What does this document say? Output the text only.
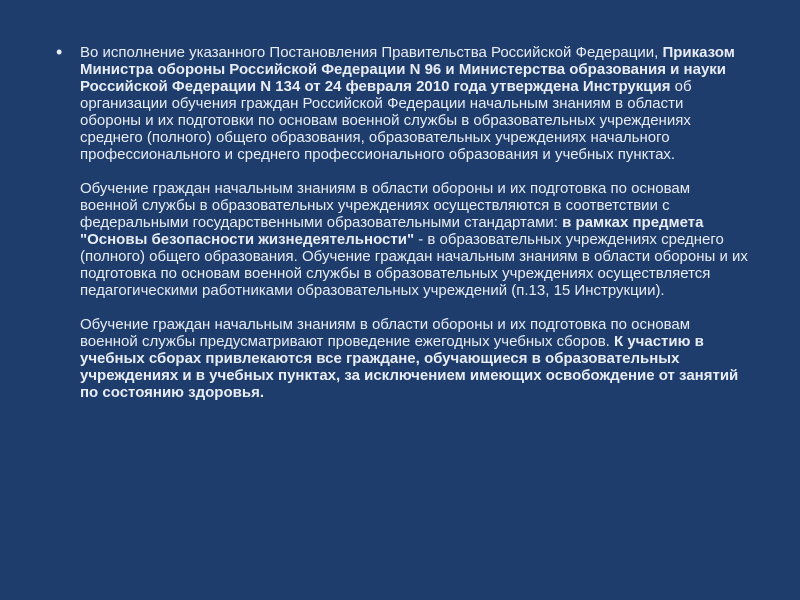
• Во исполнение указанного Постановления Правительства Российской Федерации, Приказом Министра обороны Российской Федерации N 96 и Министерства образования и науки Российской Федерации N 134 от 24 февраля 2010 года утверждена Инструкция об организации обучения граждан Российской Федерации начальным знаниям в области обороны и их подготовки по основам военной службы в образовательных учреждениях среднего (полного) общего образования, образовательных учреждениях начального профессионального и среднего профессионального образования и учебных пунктах.

Обучение граждан начальным знаниям в области обороны и их подготовка по основам военной службы в образовательных учреждениях осуществляются в соответствии с федеральными государственными образовательными стандартами: в рамках предмета "Основы безопасности жизнедеятельности" - в образовательных учреждениях среднего (полного) общего образования. Обучение граждан начальным знаниям в области обороны и их подготовка по основам военной службы в образовательных учреждениях осуществляется педагогическими работниками образовательных учреждений (п.13, 15 Инструкции).

Обучение граждан начальным знаниям в области обороны и их подготовка по основам военной службы предусматривают проведение ежегодных учебных сборов. К участию в учебных сборах привлекаются все граждане, обучающиеся в образовательных учреждениях и в учебных пунктах, за исключением имеющих освобождение от занятий по состоянию здоровья.
